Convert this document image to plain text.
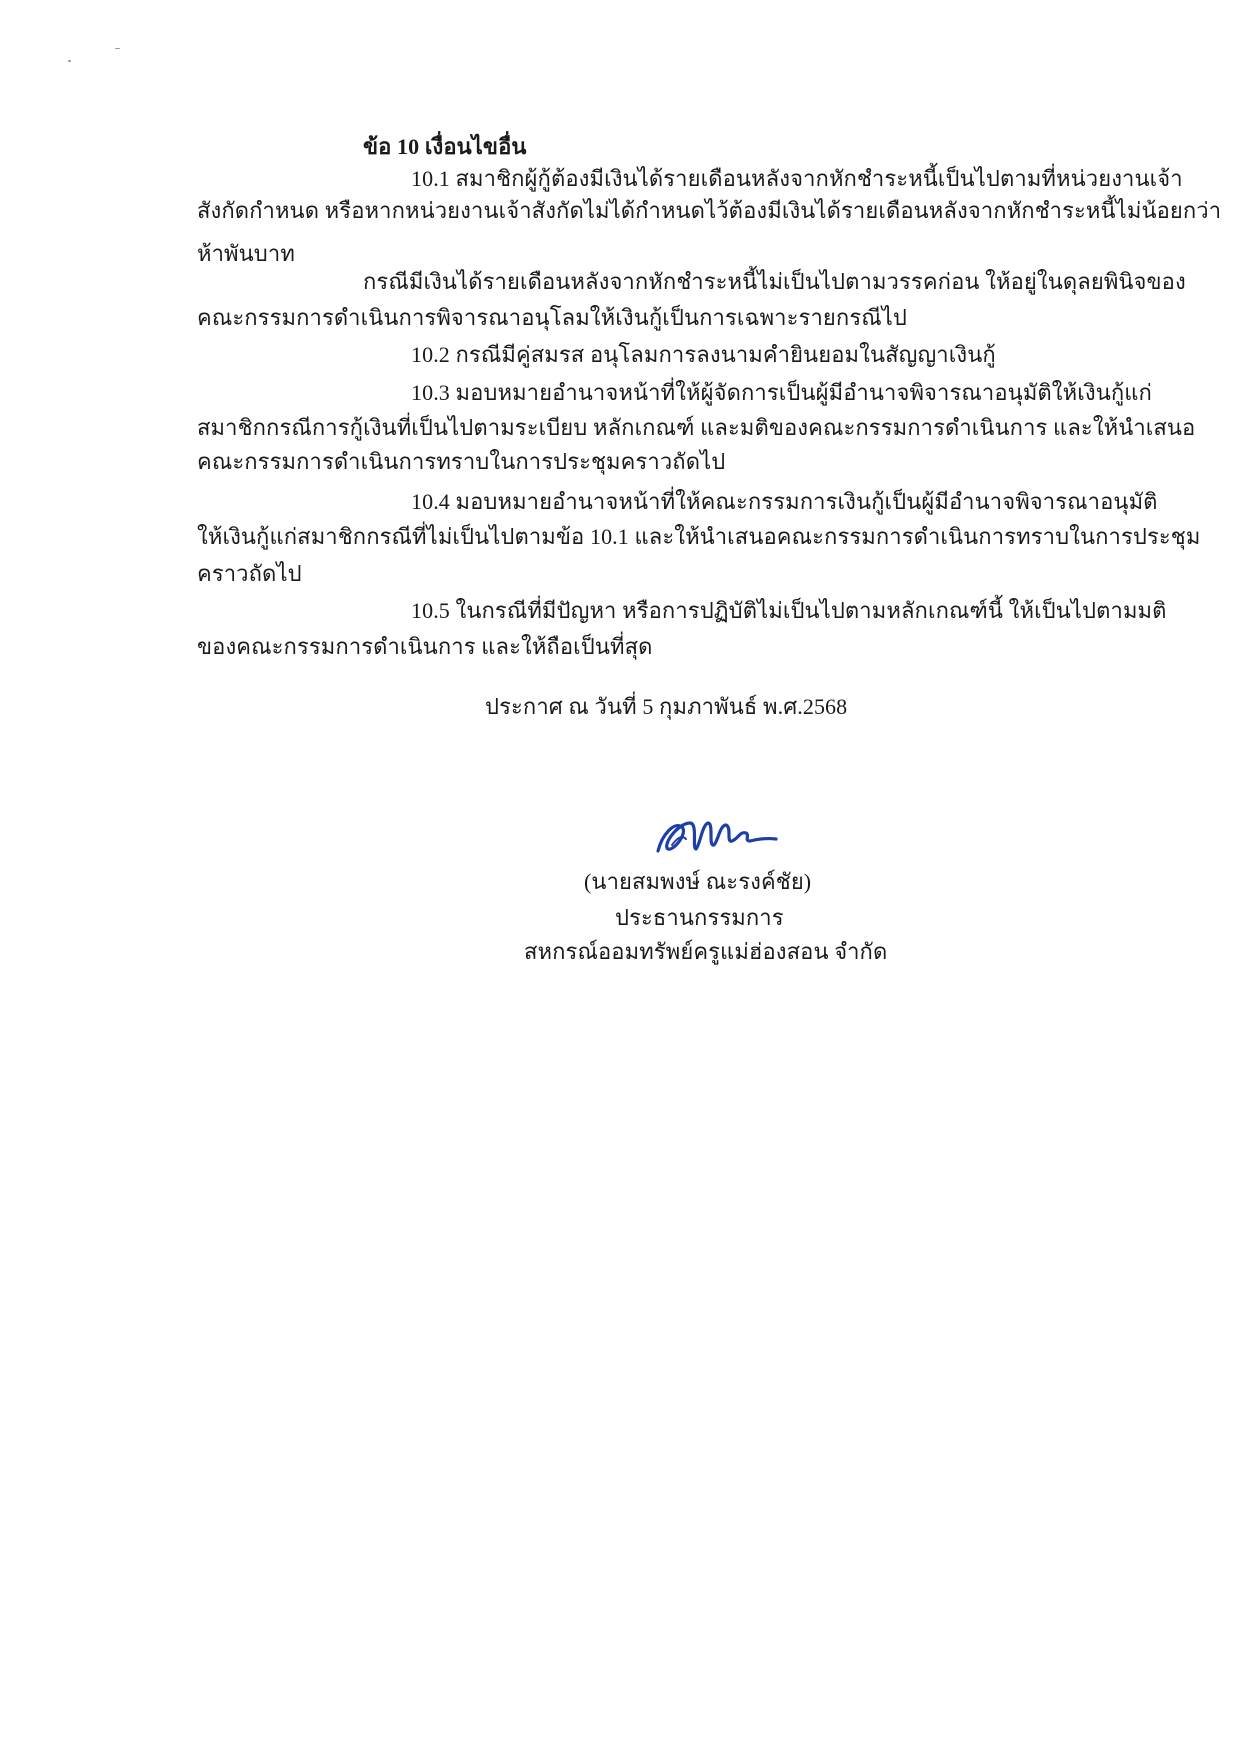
ข้อ 10 เงื่อนไขอื่น
10.1 สมาชิกผู้กู้ต้องมีเงินได้รายเดือนหลังจากหักชำระหนี้เป็นไปตามที่หน่วยงานเจ้า
สังกัดกำหนด หรือหากหน่วยงานเจ้าสังกัดไม่ได้กำหนดไว้ต้องมีเงินได้รายเดือนหลังจากหักชำระหนี้ไม่น้อยกว่า
ห้าพันบาท
กรณีมีเงินได้รายเดือนหลังจากหักชำระหนี้ไม่เป็นไปตามวรรคก่อน ให้อยู่ในดุลยพินิจของ
คณะกรรมการดำเนินการพิจารณาอนุโลมให้เงินกู้เป็นการเฉพาะรายกรณีไป
10.2 กรณีมีคู่สมรส อนุโลมการลงนามคำยินยอมในสัญญาเงินกู้
10.3 มอบหมายอำนาจหน้าที่ให้ผู้จัดการเป็นผู้มีอำนาจพิจารณาอนุมัติให้เงินกู้แก่
สมาชิกกรณีการกู้เงินที่เป็นไปตามระเบียบ หลักเกณฑ์ และมติของคณะกรรมการดำเนินการ และให้นำเสนอ
คณะกรรมการดำเนินการทราบในการประชุมคราวถัดไป
10.4 มอบหมายอำนาจหน้าที่ให้คณะกรรมการเงินกู้เป็นผู้มีอำนาจพิจารณาอนุมัติ
ให้เงินกู้แก่สมาชิกกรณีที่ไม่เป็นไปตามข้อ 10.1 และให้นำเสนอคณะกรรมการดำเนินการทราบในการประชุม
คราวถัดไป
10.5 ในกรณีที่มีปัญหา หรือการปฏิบัติไม่เป็นไปตามหลักเกณฑ์นี้ ให้เป็นไปตามมติ
ของคณะกรรมการดำเนินการ และให้ถือเป็นที่สุด
ประกาศ ณ วันที่ 5 กุมภาพันธ์ พ.ศ.2568
(นายสมพงษ์ ณะรงค์ชัย)
ประธานกรรมการ
สหกรณ์ออมทรัพย์ครูแม่ฮ่องสอน จำกัด
